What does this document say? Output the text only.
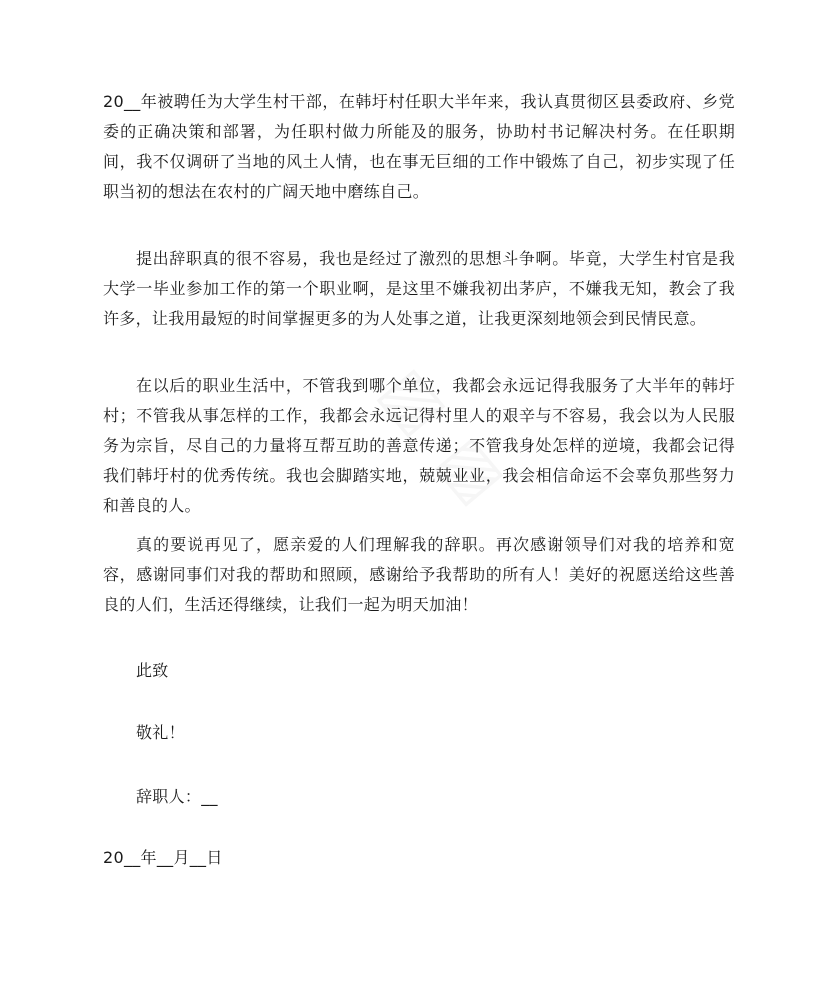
20__年被聘任为大学生村干部，在韩圩村任职大半年来，我认真贯彻区县委政府、乡党委的正确决策和部署，为任职村做力所能及的服务，协助村书记解决村务。在任职期间，我不仅调研了当地的风土人情，也在事无巨细的工作中锻炼了自己，初步实现了任职当初的想法在农村的广阔天地中磨练自己。

提出辞职真的很不容易，我也是经过了激烈的思想斗争啊。毕竟，大学生村官是我大学一毕业参加工作的第一个职业啊，是这里不嫌我初出茅庐，不嫌我无知，教会了我许多，让我用最短的时间掌握更多的为人处事之道，让我更深刻地领会到民情民意。

在以后的职业生活中，不管我到哪个单位，我都会永远记得我服务了大半年的韩圩村；不管我从事怎样的工作，我都会永远记得村里人的艰辛与不容易，我会以为人民服务为宗旨，尽自己的力量将互帮互助的善意传递；不管我身处怎样的逆境，我都会记得我们韩圩村的优秀传统。我也会脚踏实地，兢兢业业，我会相信命运不会辜负那些努力和善良的人。

真的要说再见了，愿亲爱的人们理解我的辞职。再次感谢领导们对我的培养和宽容，感谢同事们对我的帮助和照顾，感谢给予我帮助的所有人！美好的祝愿送给这些善良的人们，生活还得继续，让我们一起为明天加油！

此致

敬礼！

辞职人：__

20__年__月__日
